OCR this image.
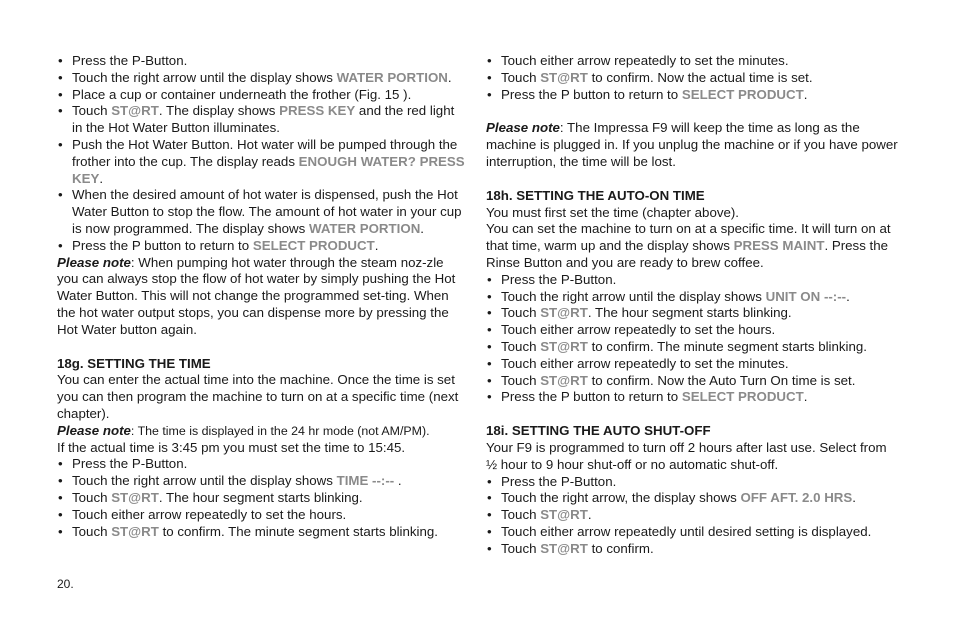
• Press the P-Button.
• Touch the right arrow until the display shows WATER PORTION.
• Place a cup or container underneath the frother (Fig. 15 ).
• Touch ST@RT. The display shows PRESS KEY and the red light in the Hot Water Button illuminates.
• Push the Hot Water Button. Hot water will be pumped through the frother into the cup. The display reads ENOUGH WATER? PRESS KEY.
• When the desired amount of hot water is dispensed, push the Hot Water Button to stop the flow. The amount of hot water in your cup is now programmed. The display shows WATER PORTION.
• Press the P button to return to SELECT PRODUCT.

Please note: When pumping hot water through the steam noz-zle you can always stop the flow of hot water by simply pushing the Hot Water Button. This will not change the programmed set-ting. When the hot water output stops, you can dispense more by pressing the Hot Water button again.

18g. SETTING THE TIME

You can enter the actual time into the machine. Once the time is set you can then program the machine to turn on at a specific time (next chapter).

Please note: The time is displayed in the 24 hr mode (not AM/PM).

If the actual time is 3:45 pm you must set the time to 15:45.

• Press the P-Button.
• Touch the right arrow until the display shows TIME --:-- .
• Touch ST@RT. The hour segment starts blinking.
• Touch either arrow repeatedly to set the hours.
• Touch ST@RT to confirm. The minute segment starts blinking.
• Touch either arrow repeatedly to set the minutes.
• Touch ST@RT to confirm. Now the actual time is set.
• Press the P button to return to SELECT PRODUCT.

Please note: The Impressa F9 will keep the time as long as the machine is plugged in. If you unplug the machine or if you have power interruption, the time will be lost.

18h. SETTING THE AUTO-ON TIME

You must first set the time (chapter above).

You can set the machine to turn on at a specific time. It will turn on at that time, warm up and the display shows PRESS MAINT. Press the Rinse Button and you are ready to brew coffee.

• Press the P-Button.
• Touch the right arrow until the display shows UNIT ON --:--.
• Touch ST@RT. The hour segment starts blinking.
• Touch either arrow repeatedly to set the hours.
• Touch ST@RT to confirm. The minute segment starts blinking.
• Touch either arrow repeatedly to set the minutes.
• Touch ST@RT to confirm. Now the Auto Turn On time is set.
• Press the P button to return to SELECT PRODUCT.
18i. SETTING THE AUTO SHUT-OFF

Your F9 is programmed to turn off 2 hours after last use. Select from ½ hour to 9 hour shut-off or no automatic shut-off.

• Press the P-Button.
• Touch the right arrow, the display shows OFF AFT. 2.0 HRS.
• Touch ST@RT.
• Touch either arrow repeatedly until desired setting is displayed.
• Touch ST@RT to confirm.
20.
